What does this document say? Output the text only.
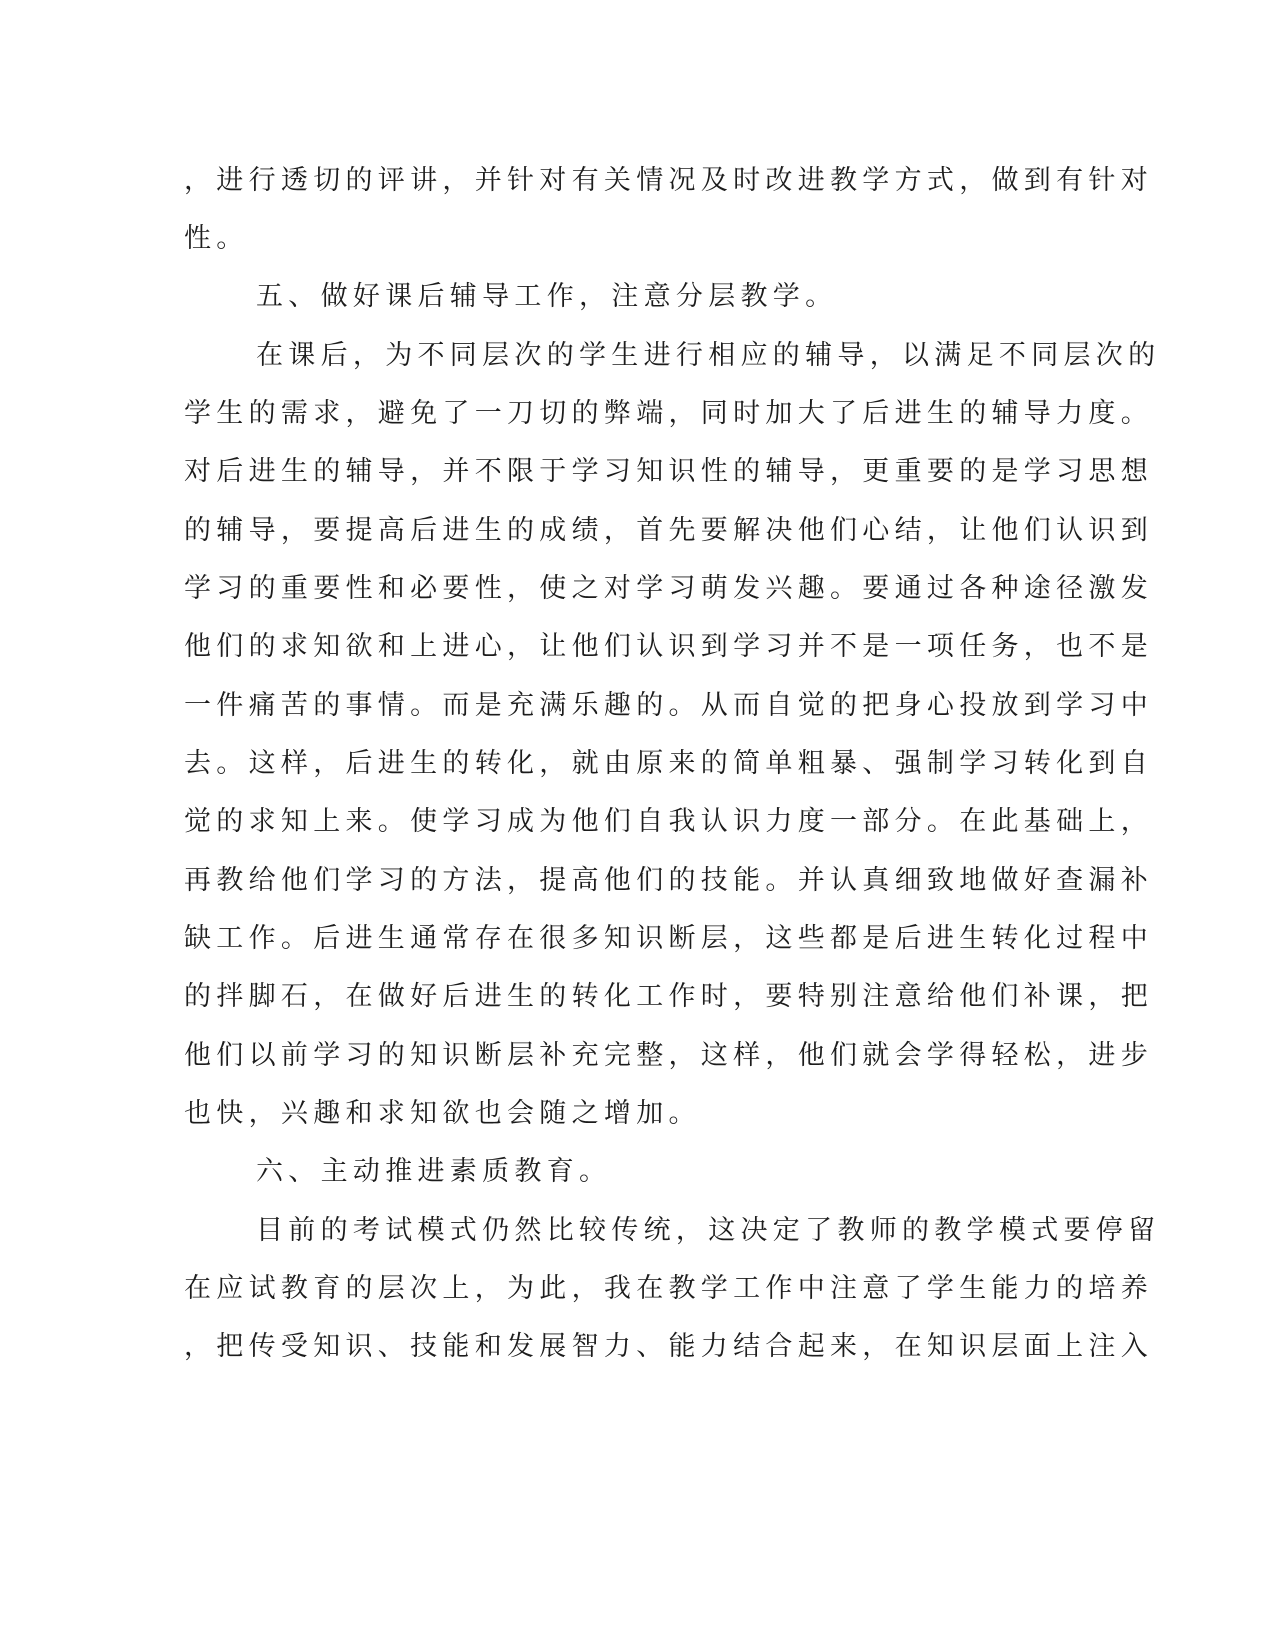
，进行透切的评讲，并针对有关情况及时改进教学方式，做到有针对
性。
五、做好课后辅导工作，注意分层教学。
在课后，为不同层次的学生进行相应的辅导，以满足不同层次的
学生的需求，避免了一刀切的弊端，同时加大了后进生的辅导力度。
对后进生的辅导，并不限于学习知识性的辅导，更重要的是学习思想
的辅导，要提高后进生的成绩，首先要解决他们心结，让他们认识到
学习的重要性和必要性，使之对学习萌发兴趣。要通过各种途径激发
他们的求知欲和上进心，让他们认识到学习并不是一项任务，也不是
一件痛苦的事情。而是充满乐趣的。从而自觉的把身心投放到学习中
去。这样，后进生的转化，就由原来的简单粗暴、强制学习转化到自
觉的求知上来。使学习成为他们自我认识力度一部分。在此基础上，
再教给他们学习的方法，提高他们的技能。并认真细致地做好查漏补
缺工作。后进生通常存在很多知识断层，这些都是后进生转化过程中
的拌脚石，在做好后进生的转化工作时，要特别注意给他们补课，把
他们以前学习的知识断层补充完整，这样，他们就会学得轻松，进步
也快，兴趣和求知欲也会随之增加。
六、主动推进素质教育。
目前的考试模式仍然比较传统，这决定了教师的教学模式要停留
在应试教育的层次上，为此，我在教学工作中注意了学生能力的培养
，把传受知识、技能和发展智力、能力结合起来，在知识层面上注入
